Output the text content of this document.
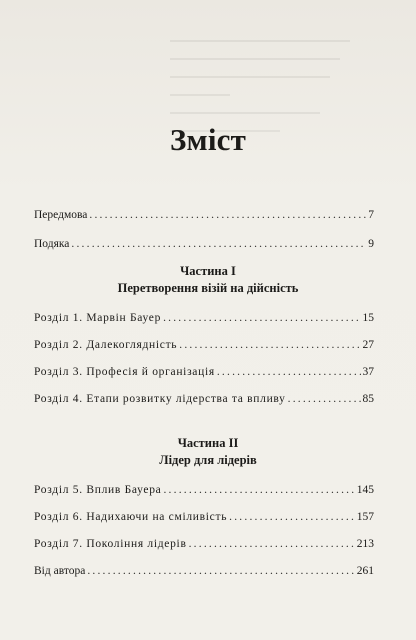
Зміст
Передмова .....	7
Подяка .....	9
Частина I
Перетворення візій на дійсність
Розділ 1. Марвін Бауер .....	15
Розділ 2. Далекоглядність .....	27
Розділ 3. Професія й організація .....	37
Розділ 4. Етапи розвитку лідерства та впливу .....	85
Частина II
Лідер для лідерів
Розділ 5. Вплив Бауера .....	145
Розділ 6. Надихаючи на сміливість .....	157
Розділ 7. Покоління лідерів .....	213
Від автора .....	261
